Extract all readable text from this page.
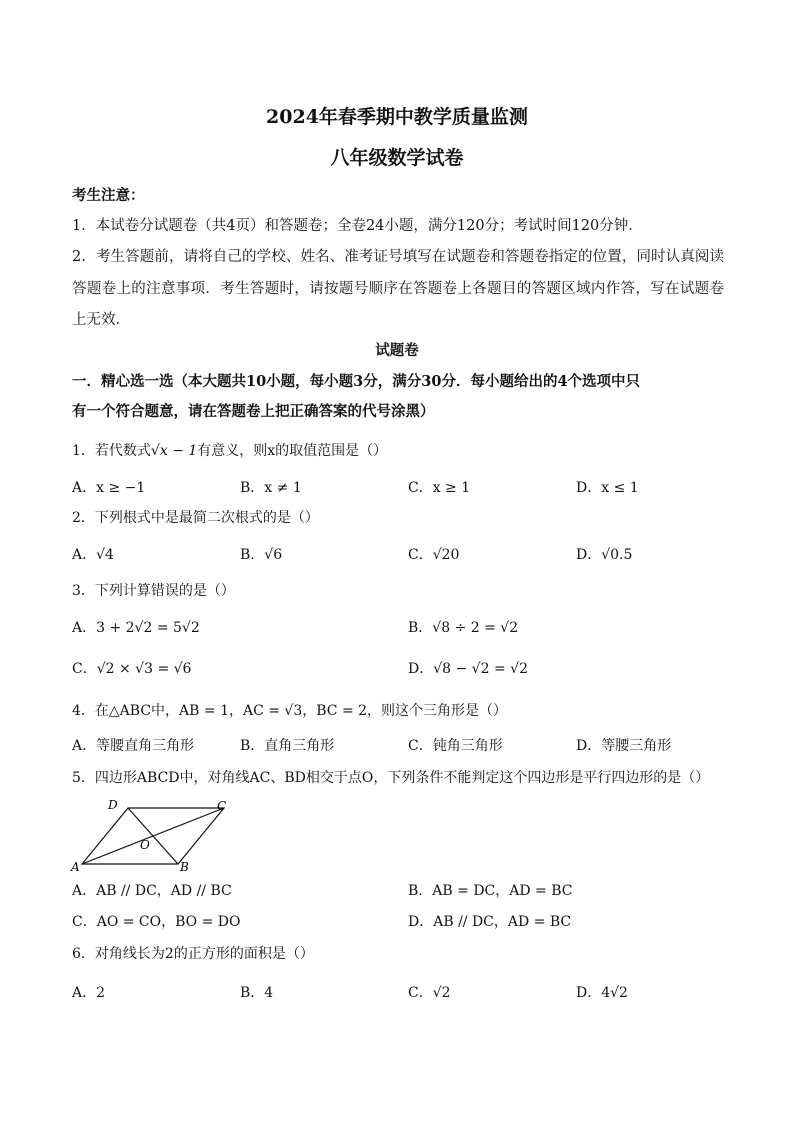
2024年春季期中教学质量监测
八年级数学试卷
考生注意：
1．本试卷分试题卷（共4页）和答题卷；全卷24小题，满分120分；考试时间120分钟．
2．考生答题前，请将自己的学校、姓名、准考证号填写在试题卷和答题卷指定的位置，同时认真阅读答题卷上的注意事项．考生答题时，请按题号顺序在答题卷上各题目的答题区域内作答，写在试题卷上无效．
试题卷
一．精心选一选（本大题共10小题，每小题3分，满分30分．每小题给出的4个选项中只
有一个符合题意，请在答题卷上把正确答案的代号涂黑）
1．若代数式√x − 1有意义，则x的取值范围是（）
A．x ≥ −1	B．x ≠ 1	C．x ≥ 1	D．x ≤ 1
2．下列根式中是最简二次根式的是（）
A．√4	B．√6	C．√20	D．√0.5
3．下列计算错误的是（）
A．3 + 2√2 = 5√2	B．√8 ÷ 2 = √2
C．√2 × √3 = √6	D．√8 − √2 = √2
4．在△ABC中，AB = 1，AC = √3，BC = 2，则这个三角形是（）
A．等腰直角三角形	B．直角三角形	C．钝角三角形	D．等腰三角形
5．四边形ABCD中，对角线AC、BD相交于点O，下列条件不能判定这个四边形是平行四边形的是（）
D	C
O
A	B
A．AB // DC，AD // BC	B．AB = DC，AD = BC
C．AO = CO，BO = DO	D．AB // DC，AD = BC
6．对角线长为2的正方形的面积是（）
A．2	B．4	C．√2	D．4√2
